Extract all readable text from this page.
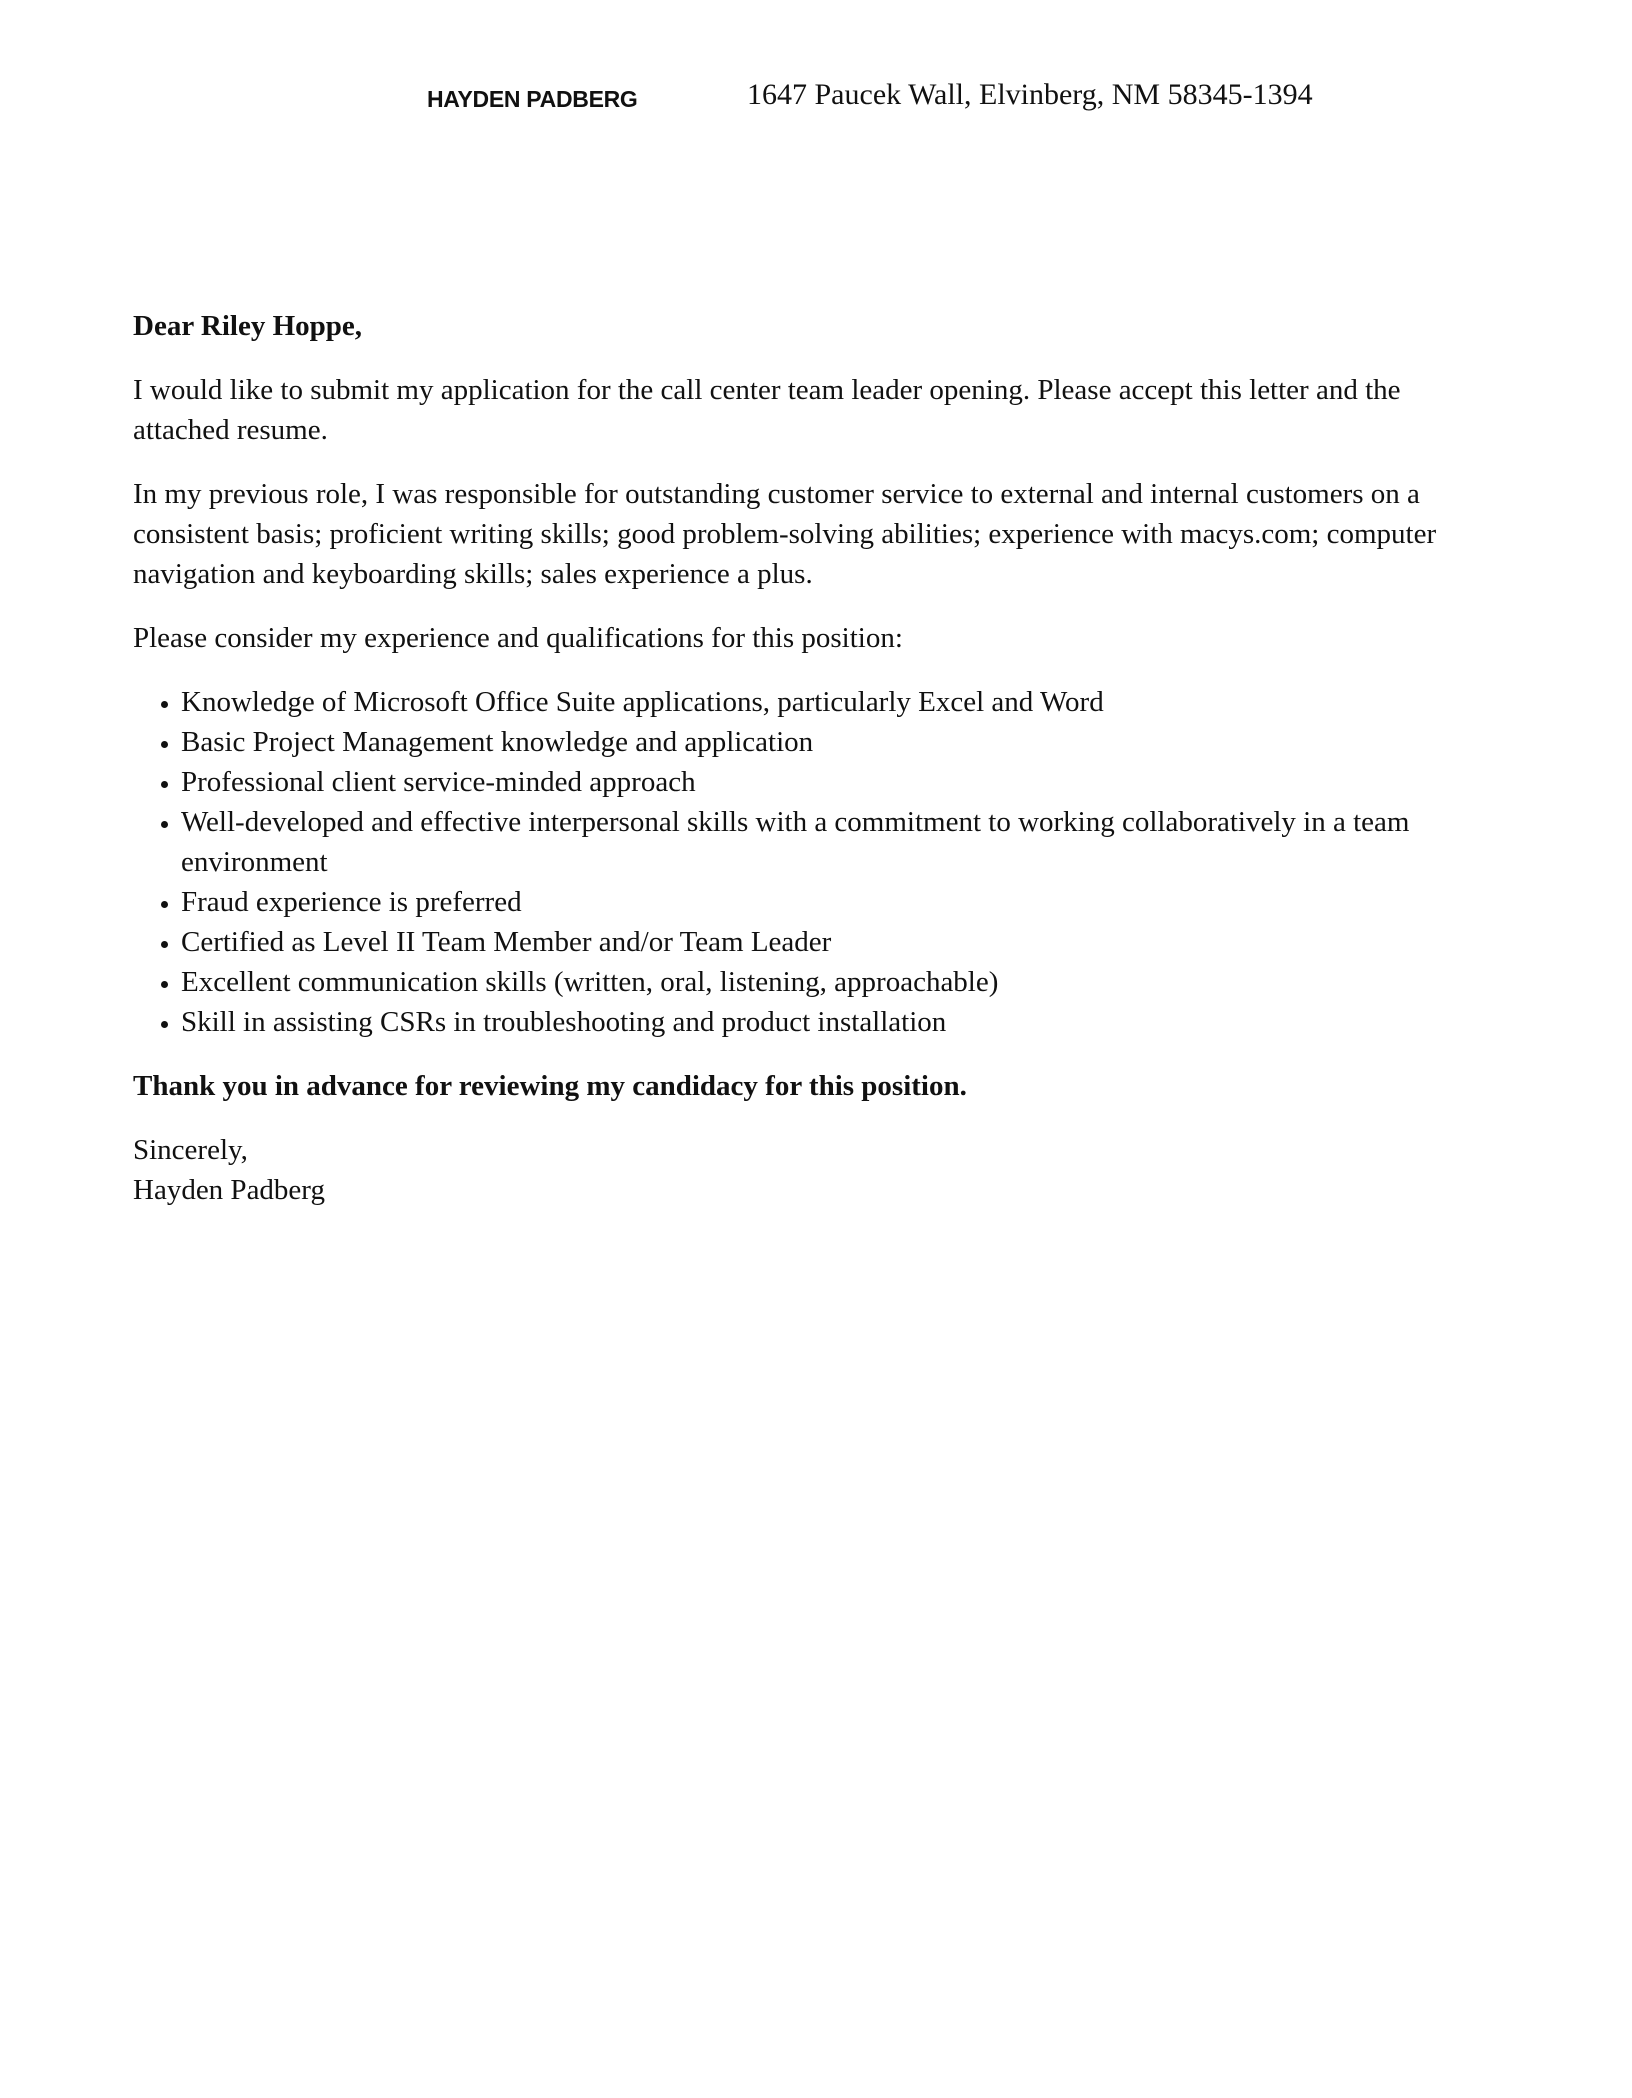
HAYDEN PADBERG	1647 Paucek Wall, Elvinberg, NM 58345-1394

Dear Riley Hoppe,

I would like to submit my application for the call center team leader opening. Please accept this letter and the attached resume.

In my previous role, I was responsible for outstanding customer service to external and internal customers on a consistent basis; proficient writing skills; good problem-solving abilities; experience with macys.com; computer navigation and keyboarding skills; sales experience a plus.

Please consider my experience and qualifications for this position:

• Knowledge of Microsoft Office Suite applications, particularly Excel and Word
• Basic Project Management knowledge and application
• Professional client service-minded approach
• Well-developed and effective interpersonal skills with a commitment to working collaboratively in a team environment
• Fraud experience is preferred
• Certified as Level II Team Member and/or Team Leader
• Excellent communication skills (written, oral, listening, approachable)
• Skill in assisting CSRs in troubleshooting and product installation

Thank you in advance for reviewing my candidacy for this position.

Sincerely,
Hayden Padberg
